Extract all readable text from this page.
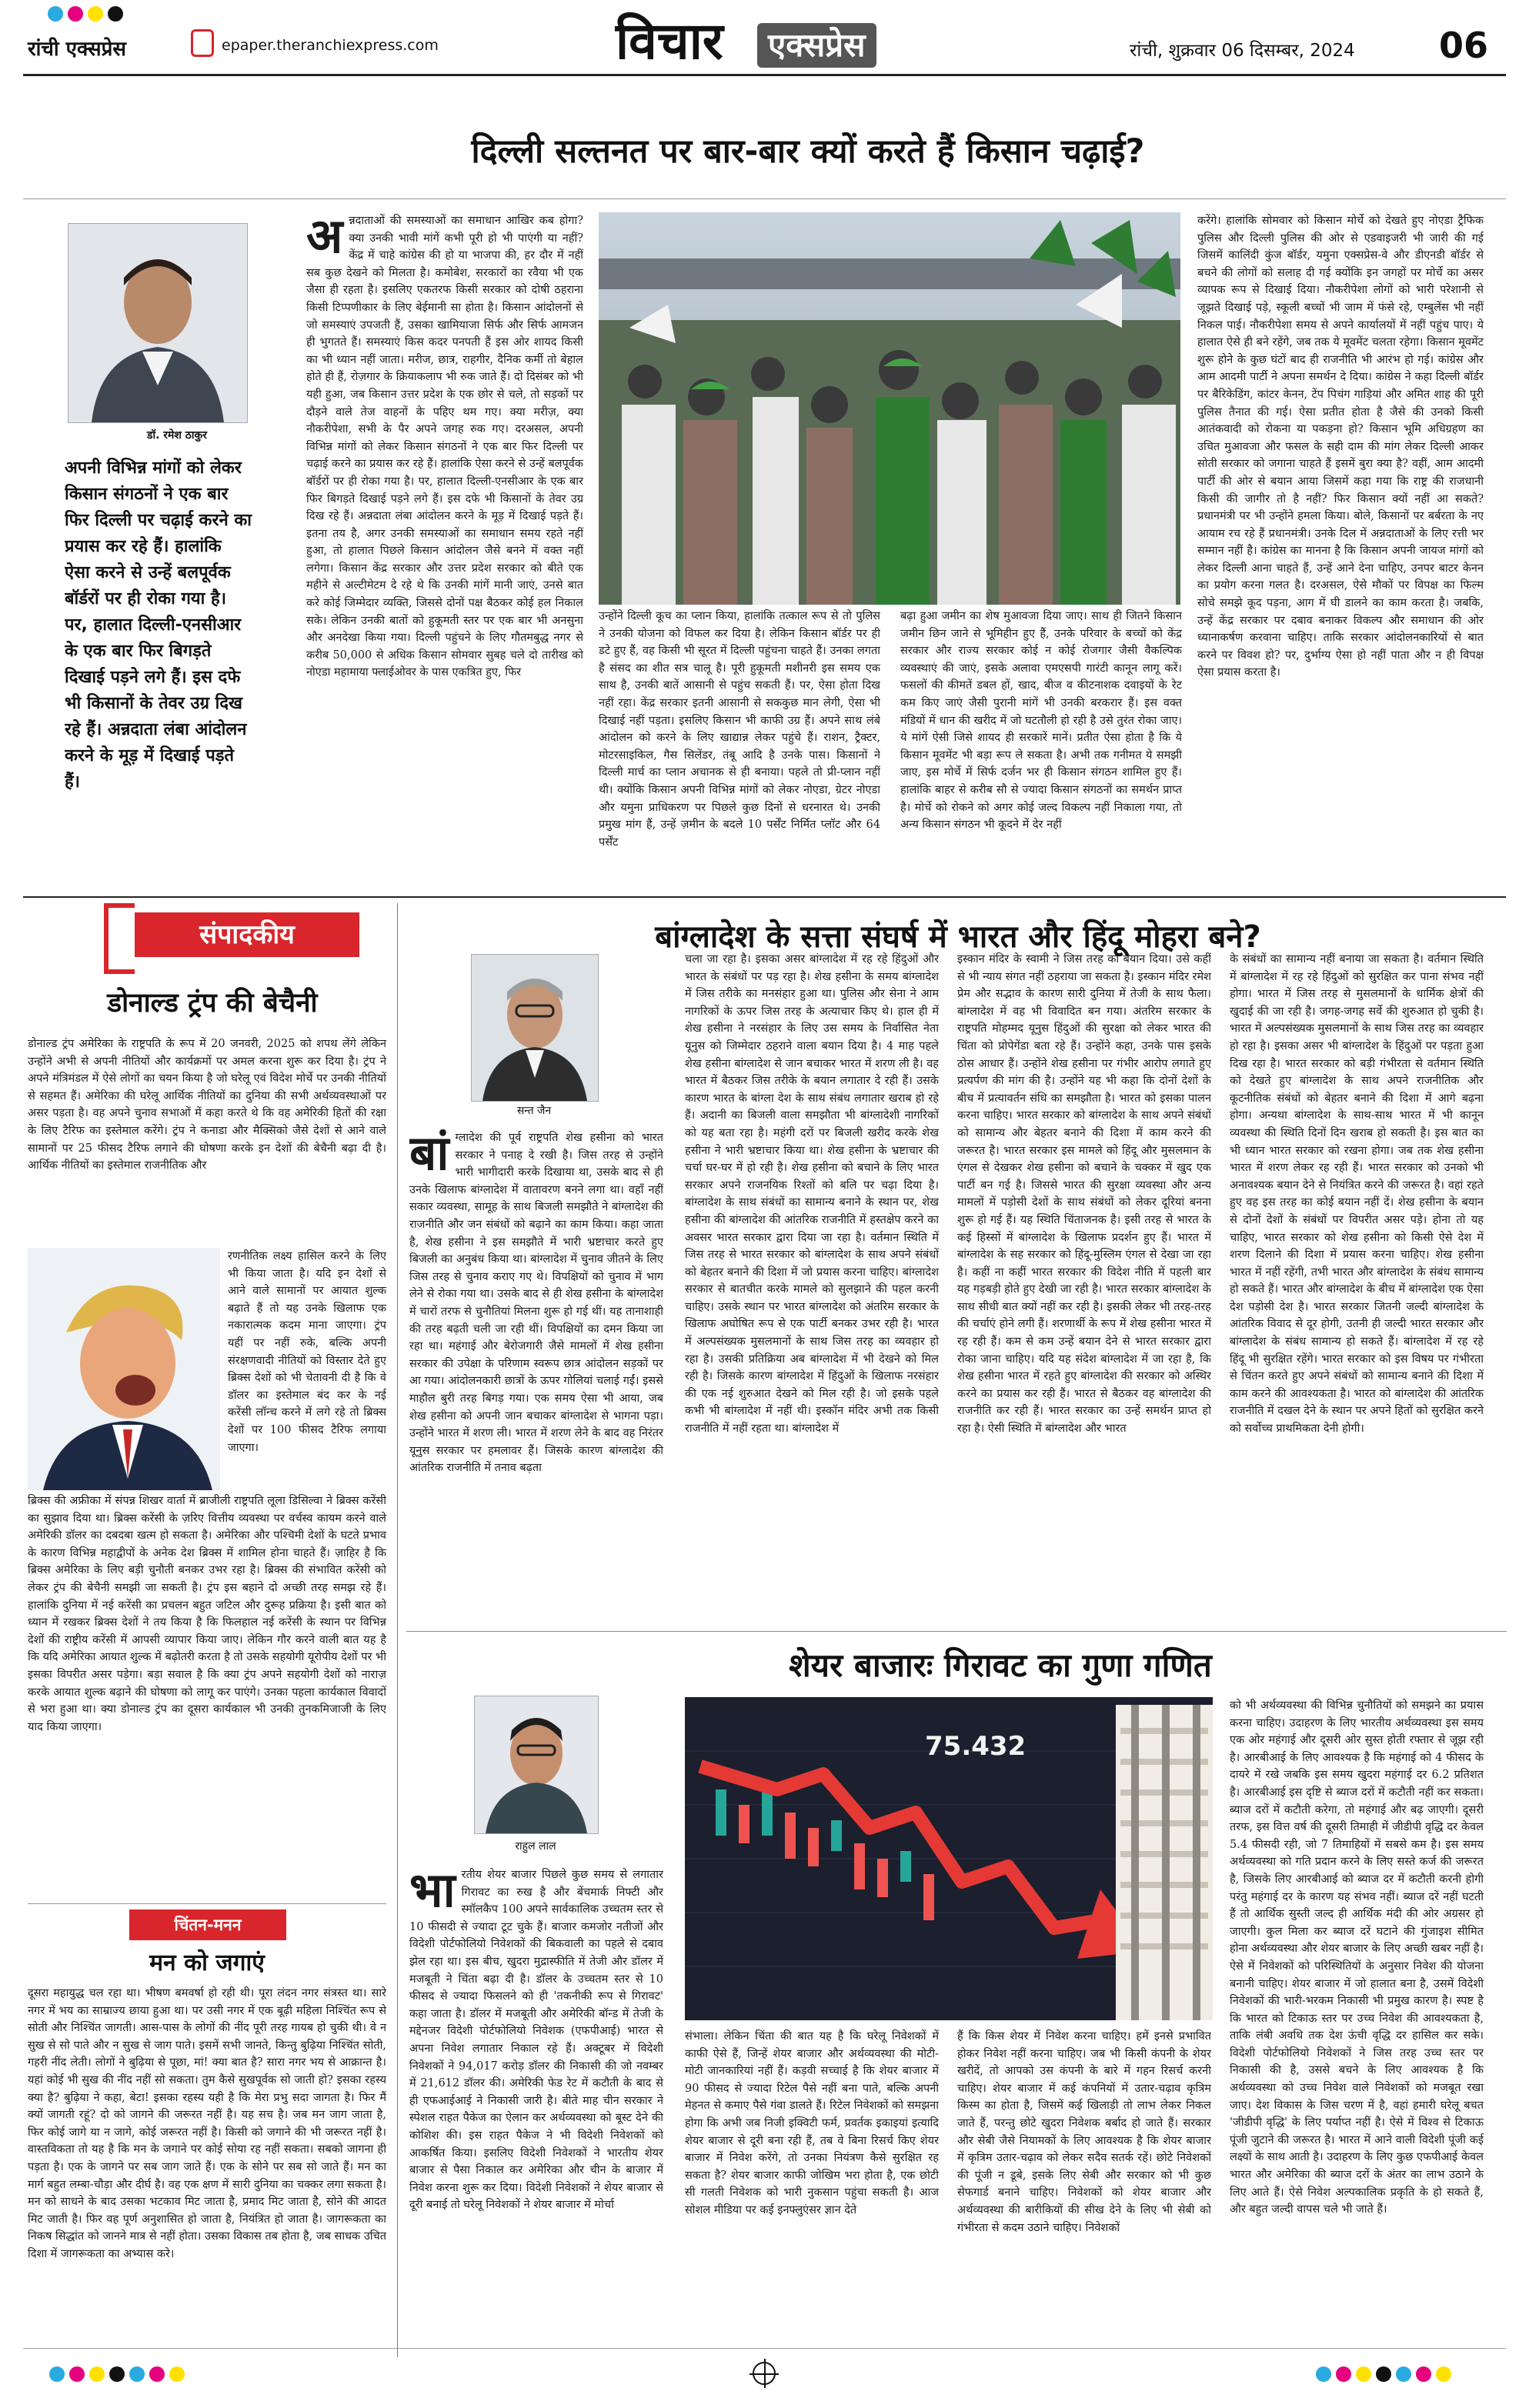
रांची एक्सप्रेस	epaper.theranchiexpress.com	विचार	एक्सप्रेस	रांची, शुक्रवार 06 दिसम्बर, 2024 06
दिल्ली सल्तनत पर बार-बार क्यों करते हैं किसान चढ़ाई?
डॉ. रमेश ठाकुर
अपनी विभिन्न मांगों को लेकर किसान संगठनों ने एक बार फिर दिल्ली पर चढ़ाई करने का प्रयास कर रहे हैं। हालांकि ऐसा करने से उन्हें बलपूर्वक बॉर्डरों पर ही रोका गया है। पर, हालात दिल्ली-एनसीआर के एक बार फिर बिगड़ते दिखाई पड़ने लगे हैं। इस दफे भी किसानों के तेवर उग्र दिख रहे हैं। अन्नदाता लंबा आंदोलन करने के मूड़ में दिखाई पड़ते हैं।
अ न्नदाताओं की समस्याओं का समाधान आखिर कब होगा? क्या उनकी भावी मांगें कभी पूरी हो भी पाएंगी या नहीं? केंद्र में चाहे कांग्रेस की हो या भाजपा की, हर दौर में नहीं सब कुछ देखने को मिलता है। कमोबेश, सरकारों का रवैया भी एक जैसा ही रहता है। इसलिए एकतरफ किसी सरकार को दोषी ठहराना किसी टिप्पणीकार के लिए बेईमानी सा होता है। किसान आंदोलनों से जो समस्याएं उपजती हैं, उसका खामियाजा सिर्फ और सिर्फ आमजन ही भुगतते हैं। समस्याएं किस कदर पनपती हैं इस ओर शायद किसी का भी ध्यान नहीं जाता। मरीज, छात्र, राहगीर, दैनिक कर्मी तो बेहाल होते ही हैं, रोज़गार के क्रियाकलाप भी रुक जाते हैं। दो दिसंबर को भी यही हुआ, जब किसान उत्तर प्रदेश के एक छोर से चले, तो सड़कों पर दौड़ने वाले तेज वाहनों के पहिए थम गए। क्या मरीज़, क्या नौकरीपेशा, सभी के पैर अपने जगह रुक गए। दरअसल, अपनी विभिन्न मांगों को लेकर किसान संगठनों ने एक बार फिर दिल्ली पर चढ़ाई करने का प्रयास कर रहे हैं। हालांकि ऐसा करने से उन्हें बलपूर्वक बॉर्डरों पर ही रोका गया है। पर, हालात दिल्ली-एनसीआर के एक बार फिर बिगड़ते दिखाई पड़ने लगे हैं। इस दफे भी किसानों के तेवर उग्र दिख रहे हैं। अन्नदाता लंबा आंदोलन करने के मूड़ में दिखाई पड़ते हैं। इतना तय है, अगर उनकी समस्याओं का समाधान समय रहते नहीं हुआ, तो हालात पिछले किसान आंदोलन जैसे बनने में वक्त नहीं लगेगा। किसान केंद्र सरकार और उत्तर प्रदेश सरकार को बीते एक महीने से अल्टीमेटम दे रहे थे कि उनकी मांगें मानी जाएं, उनसे बात करे कोई जिम्मेदार व्यक्ति, जिससे दोनों पक्ष बैठकर कोई हल निकाल सके। लेकिन उनकी बातों को हुकूमती स्तर पर एक बार भी अनसुना और अनदेखा किया गया। दिल्ली पहुंचने के लिए गौतमबुद्ध नगर से करीब 50,000 से अधिक किसान सोमवार सुबह चले दो तारीख को नोएडा महामाया फ्लाईओवर के पास एकत्रित हुए, फिर
उन्होंने दिल्ली कूच का प्लान किया, हालांकि तत्काल रूप से तो पुलिस ने उनकी योजना को विफल कर दिया है। लेकिन किसान बॉर्डर पर ही डटे हुए हैं, वह किसी भी सूरत में दिल्ली पहुंचना चाहते हैं। उनका लगता है संसद का शीत सत्र चालू है। पूरी हुकूमती मशीनरी इस समय एक साथ है, उनकी बातें आसानी से पहुंच सकती हैं। पर, ऐसा होता दिख नहीं रहा। केंद्र सरकार इतनी आसानी से सककुछ मान लेगी, ऐसा भी दिखाई नहीं पड़ता। इसलिए किसान भी काफी उग्र हैं। अपने साथ लंबे आंदोलन को करने के लिए खाद्यान्न लेकर पहुंचे हैं। राशन, ट्रैक्टर, मोटरसाइकिल, गैस सिलेंडर, तंबू आदि है उनके पास। किसानों ने दिल्ली मार्च का प्लान अचानक से ही बनाया। पहले तो प्री-प्लान नहीं थी। क्योंकि किसान अपनी विभिन्न मांगों को लेकर नोएडा, ग्रेटर नोएडा और यमुना प्राधिकरण पर पिछले कुछ दिनों से धरनारत थे। उनकी प्रमुख मांग हैं, उन्हें ज़मीन के बदले 10 पर्सेंट निर्मित प्लॉट और 64 पर्सेंट
बढ़ा हुआ जमीन का शेष मुआवजा दिया जाए। साथ ही जितने किसान जमीन छिन जाने से भूमिहीन हुए हैं, उनके परिवार के बच्चों को केंद्र सरकार और राज्य सरकार कोई न कोई रोजगार जैसी वैकल्पिक व्यवस्थाएं की जाएं, इसके अलावा एमएसपी गारंटी कानून लागू करें। फसलों की कीमतें डबल हों, खाद, बीज व कीटनाशक दवाइयों के रेट कम किए जाएं जैसी पुरानी मांगें भी उनकी बरकरार हैं। इस वक्त मंडियों में धान की खरीद में जो घटतौली हो रही है उसे तुरंत रोका जाए। ये मांगें ऐसी जिसे शायद ही सरकारें मानें। प्रतीत ऐसा होता है कि ये किसान मूवमेंट भी बड़ा रूप ले सकता है। अभी तक गनीमत ये समझी जाए, इस मोर्चे में सिर्फ दर्जन भर ही किसान संगठन शामिल हुए हैं। हालांकि बाहर से करीब सौ से ज्यादा किसान संगठनों का समर्थन प्राप्त है। मोर्चे को रोकने को अगर कोई जल्द विकल्प नहीं निकाला गया, तो अन्य किसान संगठन भी कूदने में देर नहीं
करेंगे। हालांकि सोमवार को किसान मोर्चे को देखते हुए नोएडा ट्रैफिक पुलिस और दिल्ली पुलिस की ओर से एडवाइजरी भी जारी की गई जिसमें कालिंदी कुंज बॉर्डर, यमुना एक्सप्रेस-वे और डीएनडी बॉर्डर से बचने की लोगों को सलाह दी गई क्योंकि इन जगहों पर मोर्चे का असर व्यापक रूप से दिखाई दिया। नौकरीपेशा लोगों को भारी परेशानी से जूझते दिखाई पड़े, स्कूली बच्चों भी जाम में फंसे रहे, एम्बुलेंस भी नहीं निकल पाई। नौकरीपेशा समय से अपने कार्यालयों में नहीं पहुंच पाए। ये हालात ऐसे ही बने रहेंगे, जब तक ये मूवमेंट चलता रहेगा। किसान मूवमेंट शुरू होने के कुछ घंटों बाद ही राजनीति भी आरंभ हो गई। कांग्रेस और आम आदमी पार्टी ने अपना समर्थन दे दिया। कांग्रेस ने कहा दिल्ली बॉर्डर पर बैरिकेडिंग, कांटर केनन, टेंप पिचंग गाड़ियां और अमित शाह की पूरी पुलिस तैनात की गई। ऐसा प्रतीत होता है जैसे की उनको किसी आतंकवादी को रोकना या पकड़ना हो? किसान भूमि अधिग्रहण का उचित मुआवजा और फसल के सही दाम की मांग लेकर दिल्ली आकर सोती सरकार को जगाना चाहते हैं इसमें बुरा क्या है? वहीं, आम आदमी पार्टी की ओर से बयान आया जिसमें कहा गया कि राष्ट्र की राजधानी किसी की जागीर तो है नहीं? फिर किसान क्यों नहीं आ सकते? प्रधानमंत्री पर भी उन्होंने हमला किया। बोले, किसानों पर बर्बरता के नए आयाम रच रहे हैं प्रधानमंत्री। उनके दिल में अन्नदाताओं के लिए रत्ती भर सम्मान नहीं है। कांग्रेस का मानना है कि किसान अपनी जायज मांगों को लेकर दिल्ली आना चाहते हैं, उन्हें आने देना चाहिए, उनपर बाटर केनन का प्रयोग करना गलत है। दरअसल, ऐसे मौकों पर विपक्ष का फिल्म सोचे समझे कूद पड़ना, आग में घी डालने का काम करता है। जबकि, उन्हें केंद्र सरकार पर दबाव बनाकर विकल्प और समाधान की ओर ध्यानाकर्षण करवाना चाहिए। ताकि सरकार आंदोलनकारियों से बात करने पर विवश हो? पर, दुर्भाग्य ऐसा हो नहीं पाता और न ही विपक्ष ऐसा प्रयास करता है।
संपादकीय
डोनाल्ड ट्रंप की बेचैनी
डोनाल्ड ट्रंप अमेरिका के राष्ट्रपति के रूप में 20 जनवरी, 2025 को शपथ लेंगे लेकिन उन्होंने अभी से अपनी नीतियों और कार्यक्रमों पर अमल करना शुरू कर दिया है। ट्रंप ने अपने मंत्रिमंडल में ऐसे लोगों का चयन किया है जो घरेलू एवं विदेश मोर्चे पर उनकी नीतियों से सहमत हैं। अमेरिका की घरेलू आर्थिक नीतियों का दुनिया की सभी अर्थव्यवस्थाओं पर असर पड़ता है। वह अपने चुनाव सभाओं में कहा करते थे कि वह अमेरिकी हितों की रक्षा के लिए टैरिफ का इस्तेमाल करेंगे। ट्रंप ने कनाडा और मैक्सिको जैसे देशों से आने वाले सामानों पर 25 फीसद टैरिफ लगाने की घोषणा करके इन देशों की बेचैनी बढ़ा दी है। आर्थिक नीतियों का इस्तेमाल राजनीतिक और
रणनीतिक लक्ष्य हासिल करने के लिए भी किया जाता है। यदि इन देशों से आने वाले सामानों पर आयात शुल्क बढ़ाते हैं तो यह उनके खिलाफ एक नकारात्मक कदम माना जाएगा। ट्रंप यहीं पर नहीं रुके, बल्कि अपनी संरक्षणवादी नीतियों को विस्तार देते हुए ब्रिक्स देशों को भी चेतावनी दी है कि वे डॉलर का इस्तेमाल बंद कर के नई करेंसी लॉन्च करने में लगे रहे तो ब्रिक्स देशों पर 100 फीसद टैरिफ लगाया जाएगा।
ब्रिक्स की अफ्रीका में संपन्न शिखर वार्ता में ब्राजीली राष्ट्रपति लूला डिसिल्वा ने ब्रिक्स करेंसी का सुझाव दिया था। ब्रिक्स करेंसी के ज़रिए वित्तीय व्यवस्था पर वर्चस्व कायम करने वाले अमेरिकी डॉलर का दबदबा खत्म हो सकता है। अमेरिका और पश्चिमी देशों के घटते प्रभाव के कारण विभिन्न महाद्वीपों के अनेक देश ब्रिक्स में शामिल होना चाहते हैं। ज़ाहिर है कि ब्रिक्स अमेरिका के लिए बड़ी चुनौती बनकर उभर रहा है। ब्रिक्स की संभावित करेंसी को लेकर ट्रंप की बेचैनी समझी जा सकती है। ट्रंप इस बहाने दो अच्छी तरह समझ रहे हैं। हालांकि दुनिया में नई करेंसी का प्रचलन बहुत जटिल और दुरूह प्रक्रिया है। इसी बात को ध्यान में रखकर ब्रिक्स देशों ने तय किया है कि फिलहाल नई करेंसी के स्थान पर विभिन्न देशों की राष्ट्रीय करेंसी में आपसी व्यापार किया जाए। लेकिन गौर करने वाली बात यह है कि यदि अमेरिका आयात शुल्क में बढ़ोतरी करता है तो उसके सहयोगी यूरोपीय देशों पर भी इसका विपरीत असर पड़ेगा। बड़ा सवाल है कि क्या ट्रंप अपने सहयोगी देशों को नाराज़ करके आयात शुल्क बढ़ाने की घोषणा को लागू कर पाएंगे। उनका पहला कार्यकाल विवादों से भरा हुआ था। क्या डोनाल्ड ट्रंप का दूसरा कार्यकाल भी उनकी तुनकमिजाजी के लिए याद किया जाएगा।
चिंतन-मनन
मन को जगाएं
दूसरा महायुद्ध चल रहा था। भीषण बमवर्षा हो रही थी। पूरा लंदन नगर संत्रस्त था। सारे नगर में भय का साम्राज्य छाया हुआ था। पर उसी नगर में एक बूढ़ी महिला निश्चिंत रूप से सोती और निश्चिंत जागती। आस-पास के लोगों की नींद पूरी तरह गायब हो चुकी थी। वे न सुख से सो पाते और न सुख से जाग पाते। इसमें सभी जानते, किन्तु बुढ़िया निश्चिंत सोती, गहरी नींद लेती। लोगों ने बुढ़िया से पूछा, मां! क्या बात है? सारा नगर भय से आक्रान्त है। यहां कोई भी सुख की नींद नहीं सो सकता। तुम कैसे सुखपूर्वक सो जाती हो? इसका रहस्य क्या है? बुढ़िया ने कहा, बेटा! इसका रहस्य यही है कि मेरा प्रभु सदा जागता है। फिर मैं क्यों जागती रहूं? दो को जागने की जरूरत नहीं है। यह सच है। जब मन जाग जाता है, फिर कोई जागे या न जागे, कोई जरूरत नहीं है। किसी को जगाने की भी जरूरत नहीं है। वास्तविकता तो यह है कि मन के जगाने पर कोई सोया रह नहीं सकता। सबको जागना ही पड़ता है। एक के जागने पर सब जाग जाते हैं। एक के सोने पर सब सो जाते हैं। मन का मार्ग बहुत लम्बा-चौड़ा और दीर्घ है। वह एक क्षण में सारी दुनिया का चक्कर लगा सकता है। मन को साधने के बाद उसका भटकाव मिट जाता है, प्रमाद मिट जाता है, सोने की आदत मिट जाती है। फिर वह पूर्ण अनुशासित हो जाता है, नियंत्रित हो जाता है। जागरूकता का निकष सिद्धांत को जानने मात्र से नहीं होता। उसका विकास तब होता है, जब साधक उचित दिशा में जागरूकता का अभ्यास करे।
बांग्लादेश के सत्ता संघर्ष में भारत और हिंदू मोहरा बने?
सन्त जैन
बां ग्लादेश की पूर्व राष्ट्रपति शेख हसीना को भारत सरकार ने पनाह दे रखी है। जिस तरह से उन्होंने भारी भागीदारी करके दिखाया था, उसके बाद से ही उनके खिलाफ बांग्लादेश में वातावरण बनने लगा था। वहाँ नहीं सकार व्यवस्था, सामूह के साथ बिजली समझौते ने बांग्लादेश की राजनीति और जन संबंधों को बढ़ाने का काम किया। कहा जाता है, शेख हसीना ने इस समझौते में भारी भ्रष्टाचार करते हुए बिजली का अनुबंध किया था। बांग्लादेश में चुनाव जीतने के लिए जिस तरह से चुनाव कराए गए थे। विपक्षियों को चुनाव में भाग लेने से रोका गया था। उसके बाद से ही शेख हसीना के बांग्लादेश में चारों तरफ से चुनौतियां मिलना शुरू हो गई थीं। यह तानाशाही की तरह बढ़ती चली जा रही थीं। विपक्षियों का दमन किया जा रहा था। महंगाई और बेरोजगारी जैसे मामलों में शेख हसीना सरकार की उपेक्षा के परिणाम स्वरूप छात्र आंदोलन सड़कों पर आ गया। आंदोलनकारी छात्रों के ऊपर गोलियां चलाई गईं। इससे माहौल बुरी तरह बिगड़ गया। एक समय ऐसा भी आया, जब शेख हसीना को अपनी जान बचाकर बांग्लादेश से भागना पड़ा। उन्होंने भारत में शरण ली। भारत में शरण लेने के बाद वह निरंतर यूनुस सरकार पर हमलावर हैं। जिसके कारण बांग्लादेश की आंतरिक राजनीति में तनाव बढ़ता
चला जा रहा है। इसका असर बांग्लादेश में रह रहे हिंदुओं और भारत के संबंधों पर पड़ रहा है। शेख हसीना के समय बांग्लादेश में जिस तरीके का मनसंहार हुआ था। पुलिस और सेना ने आम नागरिकों के ऊपर जिस तरह के अत्याचार किए थे। हाल ही में शेख हसीना ने नरसंहार के लिए उस समय के निर्वासित नेता यूनुस को जिम्मेदार ठहराने वाला बयान दिया है। 4 माह पहले शेख हसीना बांग्लादेश से जान बचाकर भारत में शरण ली है। वह भारत में बैठकर जिस तरीके के बयान लगातार दे रही हैं। उसके कारण भारत के बांग्ला देश के साथ संबंध लगातार खराब हो रहे हैं। अदानी का बिजली वाला समझौता भी बांग्लादेशी नागरिकों को यह बता रहा है। महंगी दरों पर बिजली खरीद करके शेख हसीना ने भारी भ्रष्टाचार किया था। शेख हसीना के भ्रष्टाचार की चर्चा घर-घर में हो रही है। शेख हसीना को बचाने के लिए भारत सरकार अपने राजनयिक रिश्तों को बलि पर चढ़ा दिया है। बांग्लादेश के साथ संबंधों का सामान्य बनाने के स्थान पर, शेख हसीना की बांग्लादेश की आंतरिक राजनीति में हस्तक्षेप करने का अवसर भारत सरकार द्वारा दिया जा रहा है। वर्तमान स्थिति में जिस तरह से भारत सरकार को बांग्लादेश के साथ अपने संबंधों को बेहतर बनाने की दिशा में जो प्रयास करना चाहिए। बांग्लादेश सरकार से बातचीत करके मामले को सुलझाने की पहल करनी चाहिए। उसके स्थान पर भारत बांग्लादेश को अंतरिम सरकार के खिलाफ अघोषित रूप से एक पार्टी बनकर उभर रही है। भारत में अल्पसंख्यक मुसलमानों के साथ जिस तरह का व्यवहार हो रहा है। उसकी प्रतिक्रिया अब बांग्लादेश में भी देखने को मिल रही है। जिसके कारण बांग्लादेश में हिंदुओं के खिलाफ नरसंहार की एक नई शुरुआत देखने को मिल रही है। जो इसके पहले कभी भी बांग्लादेश में नहीं थी। इस्कॉन मंदिर अभी तक किसी राजनीति में नहीं रहता था। बांग्लादेश में
इस्कान मंदिर के स्वामी ने जिस तरह का बयान दिया। उसे कहीं से भी न्याय संगत नहीं ठहराया जा सकता है। इस्कान मंदिर रमेश प्रेम और सद्भाव के कारण सारी दुनिया में तेजी के साथ फैला। बांग्लादेश में वह भी विवादित बन गया। अंतरिम सरकार के राष्ट्रपति मोहम्मद यूनुस हिंदुओं की सुरक्षा को लेकर भारत की चिंता को प्रोपेगेंडा बता रहे हैं। उन्होंने कहा, उनके पास इसके ठोस आधार हैं। उन्होंने शेख हसीना पर गंभीर आरोप लगाते हुए प्रत्यर्पण की मांग की है। उन्होंने यह भी कहा कि दोनों देशों के बीच में प्रत्यावर्तन संधि का समझौता है। भारत को इसका पालन करना चाहिए। भारत सरकार को बांग्लादेश के साथ अपने संबंधों को सामान्य और बेहतर बनाने की दिशा में काम करने की जरूरत है। भारत सरकार इस मामले को हिंदू और मुसलमान के एंगल से देखकर शेख हसीना को बचाने के चक्कर में खुद एक पार्टी बन गई है। जिससे भारत की सुरक्षा व्यवस्था और अन्य मामलों में पड़ोसी देशों के साथ संबंधों को लेकर दूरियां बनना शुरू हो गई हैं। यह स्थिति चिंताजनक है। इसी तरह से भारत के कई हिस्सों में बांग्लादेश के खिलाफ प्रदर्शन हुए हैं। भारत में बांग्लादेश के सह सरकार को हिंदू-मुस्लिम एंगल से देखा जा रहा है। कहीं ना कहीं भारत सरकार की विदेश नीति में पहली बार यह गड़बड़ी होते हुए देखी जा रही है। भारत सरकार बांग्लादेश के साथ सीधी बात क्यों नहीं कर रही है। इसकी लेकर भी तरह-तरह की चर्चाएं होने लगी हैं। शरणार्थी के रूप में शेख हसीना भारत में रह रही हैं। कम से कम उन्हें बयान देने से भारत सरकार द्वारा रोका जाना चाहिए। यदि यह संदेश बांग्लादेश में जा रहा है, कि शेख हसीना भारत में रहते हुए बांग्लादेश की सरकार को अस्थिर करने का प्रयास कर रही हैं। भारत से बैठकर वह बांग्लादेश की राजनीति कर रही हैं। भारत सरकार का उन्हें समर्थन प्राप्त हो रहा है। ऐसी स्थिति में बांग्लादेश और भारत
के संबंधों का सामान्य नहीं बनाया जा सकता है। वर्तमान स्थिति में बांग्लादेश में रह रहे हिंदुओं को सुरक्षित कर पाना संभव नहीं होगा। भारत में जिस तरह से मुसलमानों के धार्मिक क्षेत्रों की खुदाई की जा रही है। जगह-जगह सर्वे की शुरुआत हो चुकी है। भारत में अल्पसंख्यक मुसलमानों के साथ जिस तरह का व्यवहार हो रहा है। इसका असर भी बांग्लादेश के हिंदुओं पर पड़ता हुआ दिख रहा है। भारत सरकार को बड़ी गंभीरता से वर्तमान स्थिति को देखते हुए बांग्लादेश के साथ अपने राजनीतिक और कूटनीतिक संबंधों को बेहतर बनाने की दिशा में आगे बढ़ना होगा। अन्यथा बांग्लादेश के साथ-साथ भारत में भी कानून व्यवस्था की स्थिति दिनों दिन खराब हो सकती है। इस बात का भी ध्यान भारत सरकार को रखना होगा। जब तक शेख हसीना भारत में शरण लेकर रह रही हैं। भारत सरकार को उनको भी अनावश्यक बयान देने से नियंत्रित करने की जरूरत है। वहां रहते हुए वह इस तरह का कोई बयान नहीं दें। शेख हसीना के बयान से दोनों देशों के संबंधों पर विपरीत असर पड़े। होना तो यह चाहिए, भारत सरकार को शेख हसीना को किसी ऐसे देश में शरण दिलाने की दिशा में प्रयास करना चाहिए। शेख हसीना भारत में नहीं रहेंगी, तभी भारत और बांग्लादेश के संबंध सामान्य हो सकते हैं। भारत और बांग्लादेश के बीच में बांग्लादेश एक ऐसा देश पड़ोसी देश है। भारत सरकार जितनी जल्दी बांग्लादेश के आंतरिक विवाद से दूर होगी, उतनी ही जल्दी भारत सरकार और बांग्लादेश के संबंध सामान्य हो सकते हैं। बांग्लादेश में रह रहे हिंदू भी सुरक्षित रहेंगे। भारत सरकार को इस विषय पर गंभीरता से चिंतन करते हुए अपने संबंधों को सामान्य बनाने की दिशा में काम करने की आवश्यकता है। भारत को बांग्लादेश की आंतरिक राजनीति में दखल देने के स्थान पर अपने हितों को सुरक्षित करने को सर्वोच्च प्राथमिकता देनी होगी।
शेयर बाजारः गिरावट का गुणा गणित
राहुल लाल
भा रतीय शेयर बाजार पिछले कुछ समय से लगातार गिरावट का रुख है और बेंचमार्क निफ्टी और स्मॉलकैप 100 अपने सार्वकालिक उच्चतम स्तर से 10 फीसदी से ज्यादा टूट चुके हैं। बाजार कमजोर नतीजों और विदेशी पोर्टफोलियो निवेशकों की बिकवाली का पहले से दबाव झेल रहा था। इस बीच, खुदरा मुद्रास्फीति में तेजी और डॉलर में मजबूती ने चिंता बढ़ा दी है। डॉलर के उच्चतम स्तर से 10 फीसद से ज्यादा फिसलने को ही 'तकनीकी रूप से गिरावट' कहा जाता है। डॉलर में मजबूती और अमेरिकी बॉन्ड में तेजी के मद्देनजर विदेशी पोर्टफोलियो निवेशक (एफपीआई) भारत से अपना निवेश लगातार निकाल रहे हैं। अक्टूबर में विदेशी निवेशकों ने 94,017 करोड़ डॉलर की निकासी की जो नवम्बर में 21,612 डॉलर की। अमेरिकी फेड रेट में कटौती के बाद से ही एफआईआई ने निकासी जारी है। बीते माह चीन सरकार ने स्पेशल राहत पैकेज का ऐलान कर अर्थव्यवस्था को बूस्ट देने की कोशिश की। इस राहत पैकेज ने भी विदेशी निवेशकों को आकर्षित किया। इसलिए विदेशी निवेशकों ने भारतीय शेयर बाजार से पैसा निकाल कर अमेरिका और चीन के बाजार में निवेश करना शुरू कर दिया। विदेशी निवेशकों ने शेयर बाजार से दूरी बनाई तो घरेलू निवेशकों ने शेयर बाजार में मोर्चा
75.432
संभाला। लेकिन चिंता की बात यह है कि घरेलू निवेशकों में काफी ऐसे हैं, जिन्हें शेयर बाजार और अर्थव्यवस्था की मोटी-मोटी जानकारियां नहीं हैं। कड़वी सच्चाई है कि शेयर बाजार में 90 फीसद से ज्यादा रिटेल पैसे नहीं बना पाते, बल्कि अपनी मेहनत से कमाए पैसे गंवा डालते हैं। रिटेल निवेशकों को समझना होगा कि अभी जब निजी इक्विटी फर्म, प्रवर्तक इकाइयां इत्यादि शेयर बाजार से दूरी बना रही हैं, तब वे बिना रिसर्च किए शेयर बाजार में निवेश करेंगे, तो उनका नियंत्रण कैसे सुरक्षित रह सकता है? शेयर बाजार काफी जोखिम भरा होता है, एक छोटी सी गलती निवेशक को भारी नुकसान पहुंचा सकती है। आज सोशल मीडिया पर कई इनफ्लुएंसर ज्ञान देते
हैं कि किस शेयर में निवेश करना चाहिए। हमें इनसे प्रभावित होकर निवेश नहीं करना चाहिए। जब भी किसी कंपनी के शेयर खरीदें, तो आपको उस कंपनी के बारे में गहन रिसर्च करनी चाहिए। शेयर बाजार में कई कंपनियों में उतार-चढ़ाव कृत्रिम किस्म का होता है, जिसमें कई खिलाड़ी तो लाभ लेकर निकल जाते हैं, परन्तु छोटे खुदरा निवेशक बर्बाद हो जाते हैं। सरकार और सेबी जैसे नियामकों के लिए आवश्यक है कि शेयर बाजार में कृत्रिम उतार-चढ़ाव को लेकर सदैव सतर्क रहें। छोटे निवेशकों की पूंजी न डूबे, इसके लिए सेबी और सरकार को भी कुछ सेफगार्ड बनाने चाहिए। निवेशकों को शेयर बाजार और अर्थव्यवस्था की बारीकियों की सीख देने के लिए भी सेबी को गंभीरता से कदम उठाने चाहिए। निवेशकों
को भी अर्थव्यवस्था की विभिन्न चुनौतियों को समझने का प्रयास करना चाहिए। उदाहरण के लिए भारतीय अर्थव्यवस्था इस समय एक ओर महंगाई और दूसरी ओर सुस्त होती रफ्तार से जूझ रही है। आरबीआई के लिए आवश्यक है कि महंगाई को 4 फीसद के दायरे में रखे जबकि इस समय खुदरा महंगाई दर 6.2 प्रतिशत है। आरबीआई इस दृष्टि से ब्याज दरों में कटौती नहीं कर सकता। ब्याज दरों में कटौती करेगा, तो महंगाई और बढ़ जाएगी। दूसरी तरफ, इस वित्त वर्ष की दूसरी तिमाही में जीडीपी वृद्धि दर केवल 5.4 फीसदी रही, जो 7 तिमाहियों में सबसे कम है। इस समय अर्थव्यवस्था को गति प्रदान करने के लिए सस्ते कर्ज की जरूरत है, जिसके लिए आरबीआई को ब्याज दर में कटौती करनी होगी परंतु महंगाई दर के कारण यह संभव नहीं। ब्याज दरें नहीं घटती हैं तो आर्थिक सुस्ती जल्द ही आर्थिक मंदी की ओर अग्रसर हो जाएगी। कुल मिला कर ब्याज दरें घटाने की गुंजाइश सीमित होना अर्थव्यवस्था और शेयर बाजार के लिए अच्छी खबर नहीं है। ऐसे में निवेशकों को परिस्थितियों के अनुसार निवेश की योजना बनानी चाहिए। शेयर बाजार में जो हालात बना है, उसमें विदेशी निवेशकों की भारी-भरकम निकासी भी प्रमुख कारण है। स्पष्ट है कि भारत को टिकाऊ स्तर पर उच्च निवेश की आवश्यकता है, ताकि लंबी अवधि तक देश ऊंची वृद्धि दर हासिल कर सके। विदेशी पोर्टफोलियो निवेशकों ने जिस तरह उच्च स्तर पर निकासी की है, उससे बचने के लिए आवश्यक है कि अर्थव्यवस्था को उच्च निवेश वाले निवेशकों को मजबूत रखा जाए। देश विकास के जिस चरण में है, वहां हमारी घरेलू बचत 'जीडीपी वृद्धि' के लिए पर्याप्त नहीं है। ऐसे में विश्व से टिकाऊ पूंजी जुटाने की जरूरत है। भारत में आने वाली विदेशी पूंजी कई लक्ष्यों के साथ आती है। उदाहरण के लिए कुछ एफपीआई केवल भारत और अमेरिका की ब्याज दरों के अंतर का लाभ उठाने के लिए आते हैं। ऐसे निवेश अल्पकालिक प्रकृति के हो सकते हैं, और बहुत जल्दी वापस चले भी जाते हैं।
